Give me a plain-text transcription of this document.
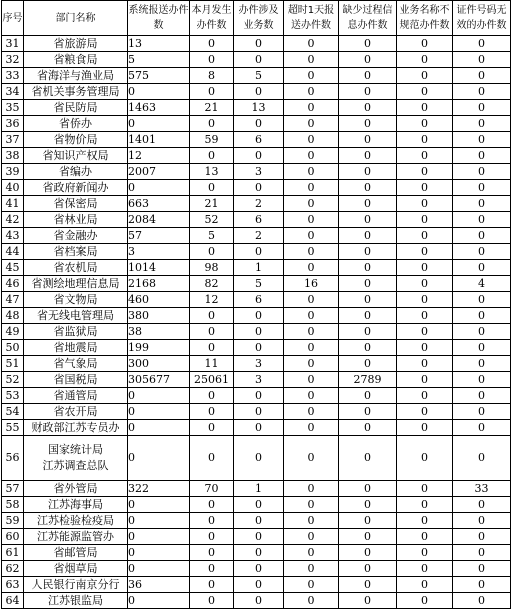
序号	部门名称	系统报送办件数	本月发生办件数	办件涉及业务数	超时1天报送办件数	缺少过程信息办件数	业务名称不规范办件数	证件号码无效的办件数
31	省旅游局	13	0	0	0	0	0	0
32	省粮食局	5	0	0	0	0	0	0
33	省海洋与渔业局	575	8	5	0	0	0	0
34	省机关事务管理局	0	0	0	0	0	0	0
35	省民防局	1463	21	13	0	0	0	0
36	省侨办	0	0	0	0	0	0	0
37	省物价局	1401	59	6	0	0	0	0
38	省知识产权局	12	0	0	0	0	0	0
39	省编办	2007	13	3	0	0	0	0
40	省政府新闻办	0	0	0	0	0	0	0
41	省保密局	663	21	2	0	0	0	0
42	省林业局	2084	52	6	0	0	0	0
43	省金融办	57	5	2	0	0	0	0
44	省档案局	3	0	0	0	0	0	0
45	省农机局	1014	98	1	0	0	0	0
46	省测绘地理信息局	2168	82	5	16	0	0	4
47	省文物局	460	12	6	0	0	0	0
48	省无线电管理局	380	0	0	0	0	0	0
49	省监狱局	38	0	0	0	0	0	0
50	省地震局	199	0	0	0	0	0	0
51	省气象局	300	11	3	0	0	0	0
52	省国税局	305677	25061	3	0	2789	0	0
53	省通管局	0	0	0	0	0	0	0
54	省农开局	0	0	0	0	0	0	0
55	财政部江苏专员办	0	0	0	0	0	0	0
56	国家统计局
江苏调查总队	0	0	0	0	0	0	0
57	省外管局	322	70	1	0	0	0	33
58	江苏海事局	0	0	0	0	0	0	0
59	江苏检验检疫局	0	0	0	0	0	0	0
60	江苏能源监管办	0	0	0	0	0	0	0
61	省邮管局	0	0	0	0	0	0	0
62	省烟草局	0	0	0	0	0	0	0
63	人民银行南京分行	36	0	0	0	0	0	0
64	江苏银监局	0	0	0	0	0	0	0
